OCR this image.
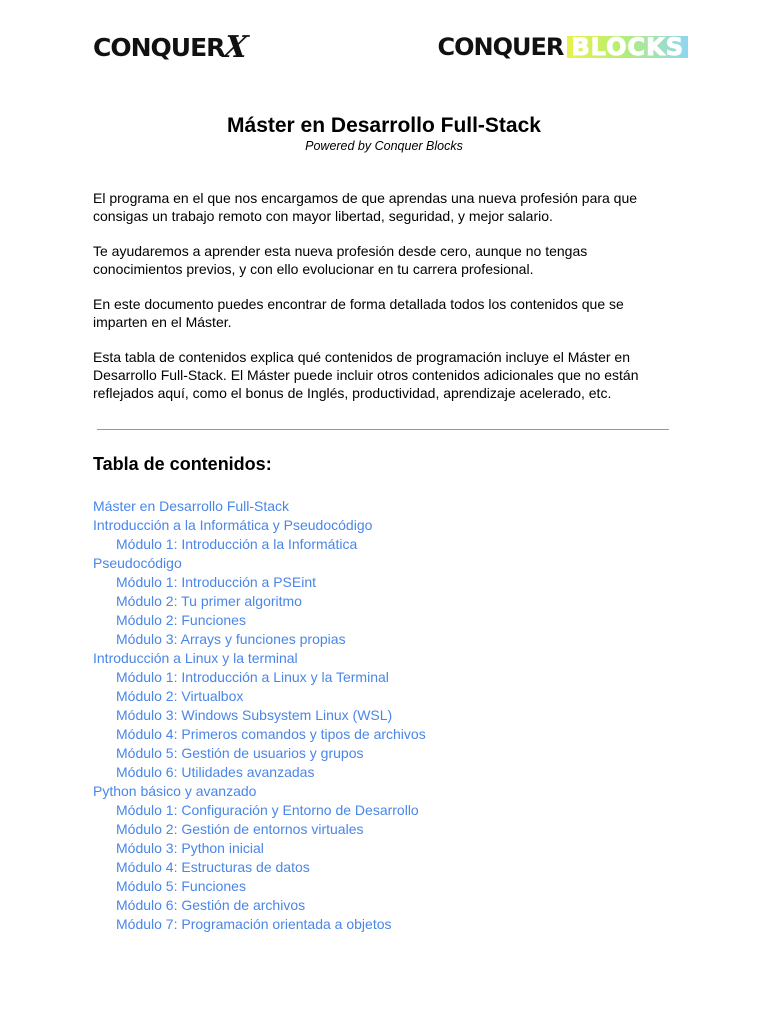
CONQUER
X	CONQUER BLOCKS
Máster en Desarrollo Full-Stack
Powered by Conquer Blocks

El programa en el que nos encargamos de que aprendas una nueva profesión para que consigas un trabajo remoto con mayor libertad, seguridad, y mejor salario.

Te ayudaremos a aprender esta nueva profesión desde cero, aunque no tengas conocimientos previos, y con ello evolucionar en tu carrera profesional.

En este documento puedes encontrar de forma detallada todos los contenidos que se imparten en el Máster.

Esta tabla de contenidos explica qué contenidos de programación incluye el Máster en Desarrollo Full-Stack. El Máster puede incluir otros contenidos adicionales que no están reflejados aquí, como el bonus de Inglés, productividad, aprendizaje acelerado, etc.

Tabla de contenidos:
Máster en Desarrollo Full-Stack
Introducción a la Informática y Pseudocódigo
Módulo 1: Introducción a la Informática
Pseudocódigo
Módulo 1: Introducción a PSEint
Módulo 2: Tu primer algoritmo
Módulo 2: Funciones
Módulo 3: Arrays y funciones propias
Introducción a Linux y la terminal
Módulo 1: Introducción a Linux y la Terminal
Módulo 2: Virtualbox
Módulo 3: Windows Subsystem Linux (WSL)
Módulo 4: Primeros comandos y tipos de archivos
Módulo 5: Gestión de usuarios y grupos
Módulo 6: Utilidades avanzadas
Python básico y avanzado
Módulo 1: Configuración y Entorno de Desarrollo
Módulo 2: Gestión de entornos virtuales
Módulo 3: Python inicial
Módulo 4: Estructuras de datos
Módulo 5: Funciones
Módulo 6: Gestión de archivos
Módulo 7: Programación orientada a objetos
